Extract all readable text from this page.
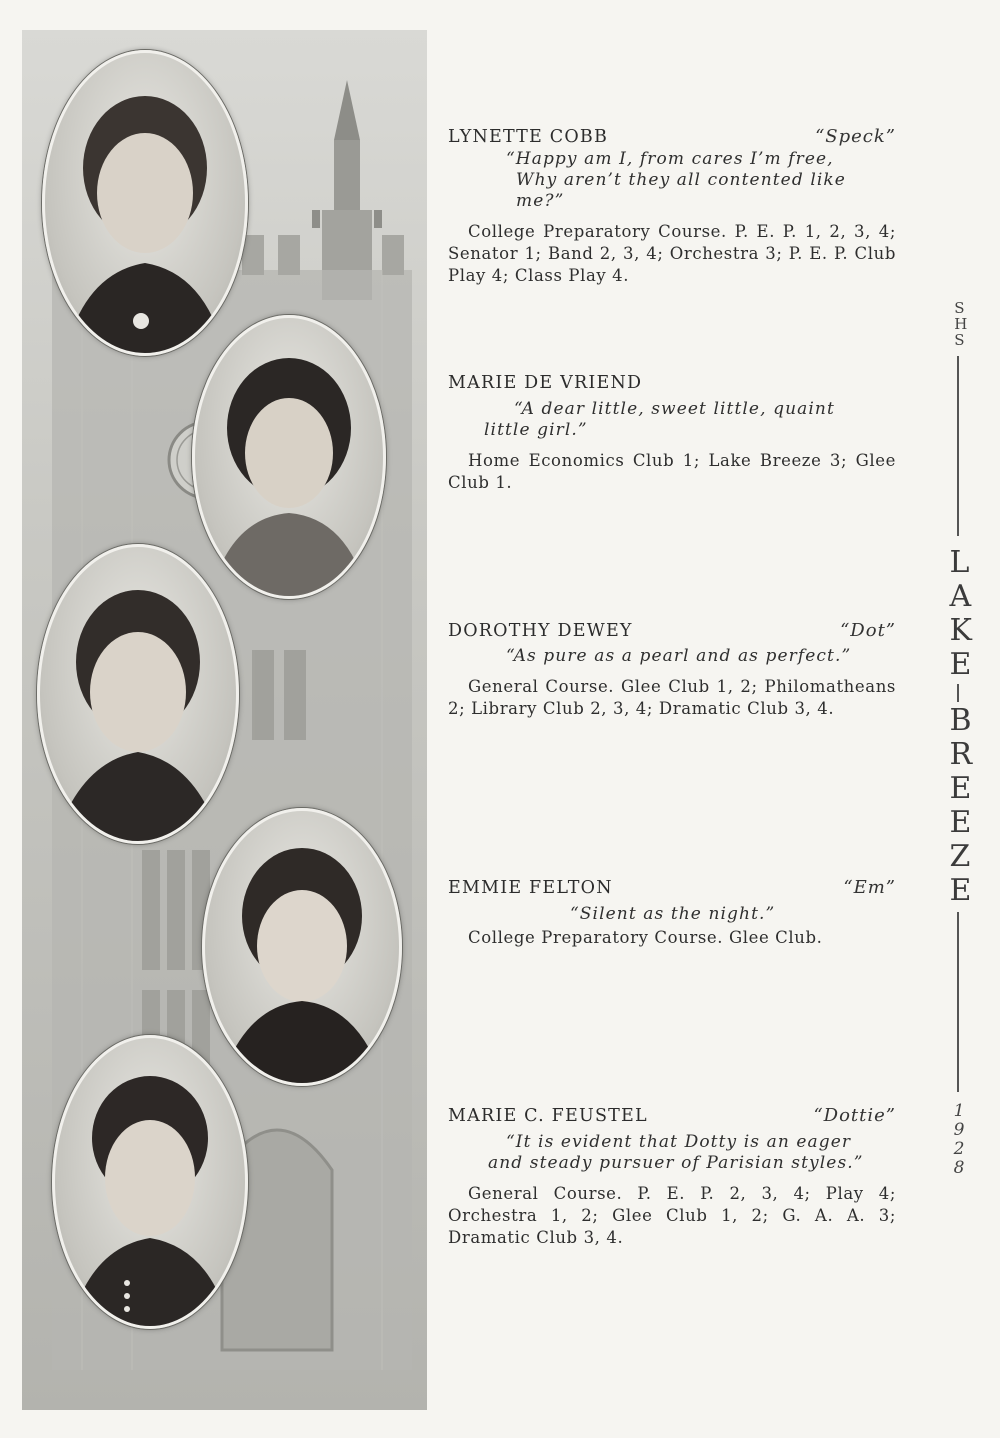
LYNETTE COBB	“Speck”
“Happy am I, from cares I’m free,
Why aren’t they all contented like me?”
College Preparatory Course. P. E. P. 1, 2, 3, 4; Senator 1; Band 2, 3, 4; Orchestra 3; P. E. P. Club Play 4; Class Play 4.
MARIE DE VRIEND
“A dear little, sweet little, quaint
little girl.”
Home Economics Club 1; Lake Breeze 3; Glee Club 1.
DOROTHY DEWEY	“Dot”
“As pure as a pearl and as perfect.”
General Course. Glee Club 1, 2; Philomatheans 2; Library Club 2, 3, 4; Dramatic Club 3, 4.
EMMIE FELTON	“Em”
“Silent as the night.”
College Preparatory Course. Glee Club.
MARIE C. FEUSTEL	“Dottie”
“It is evident that Dotty is an eager
and steady pursuer of Parisian styles.”
General Course. P. E. P. 2, 3, 4; Play 4; Orchestra 1, 2; Glee Club 1, 2; G. A. A. 3; Dramatic Club 3, 4.
SHS
LAKE
BREEZE
1928
